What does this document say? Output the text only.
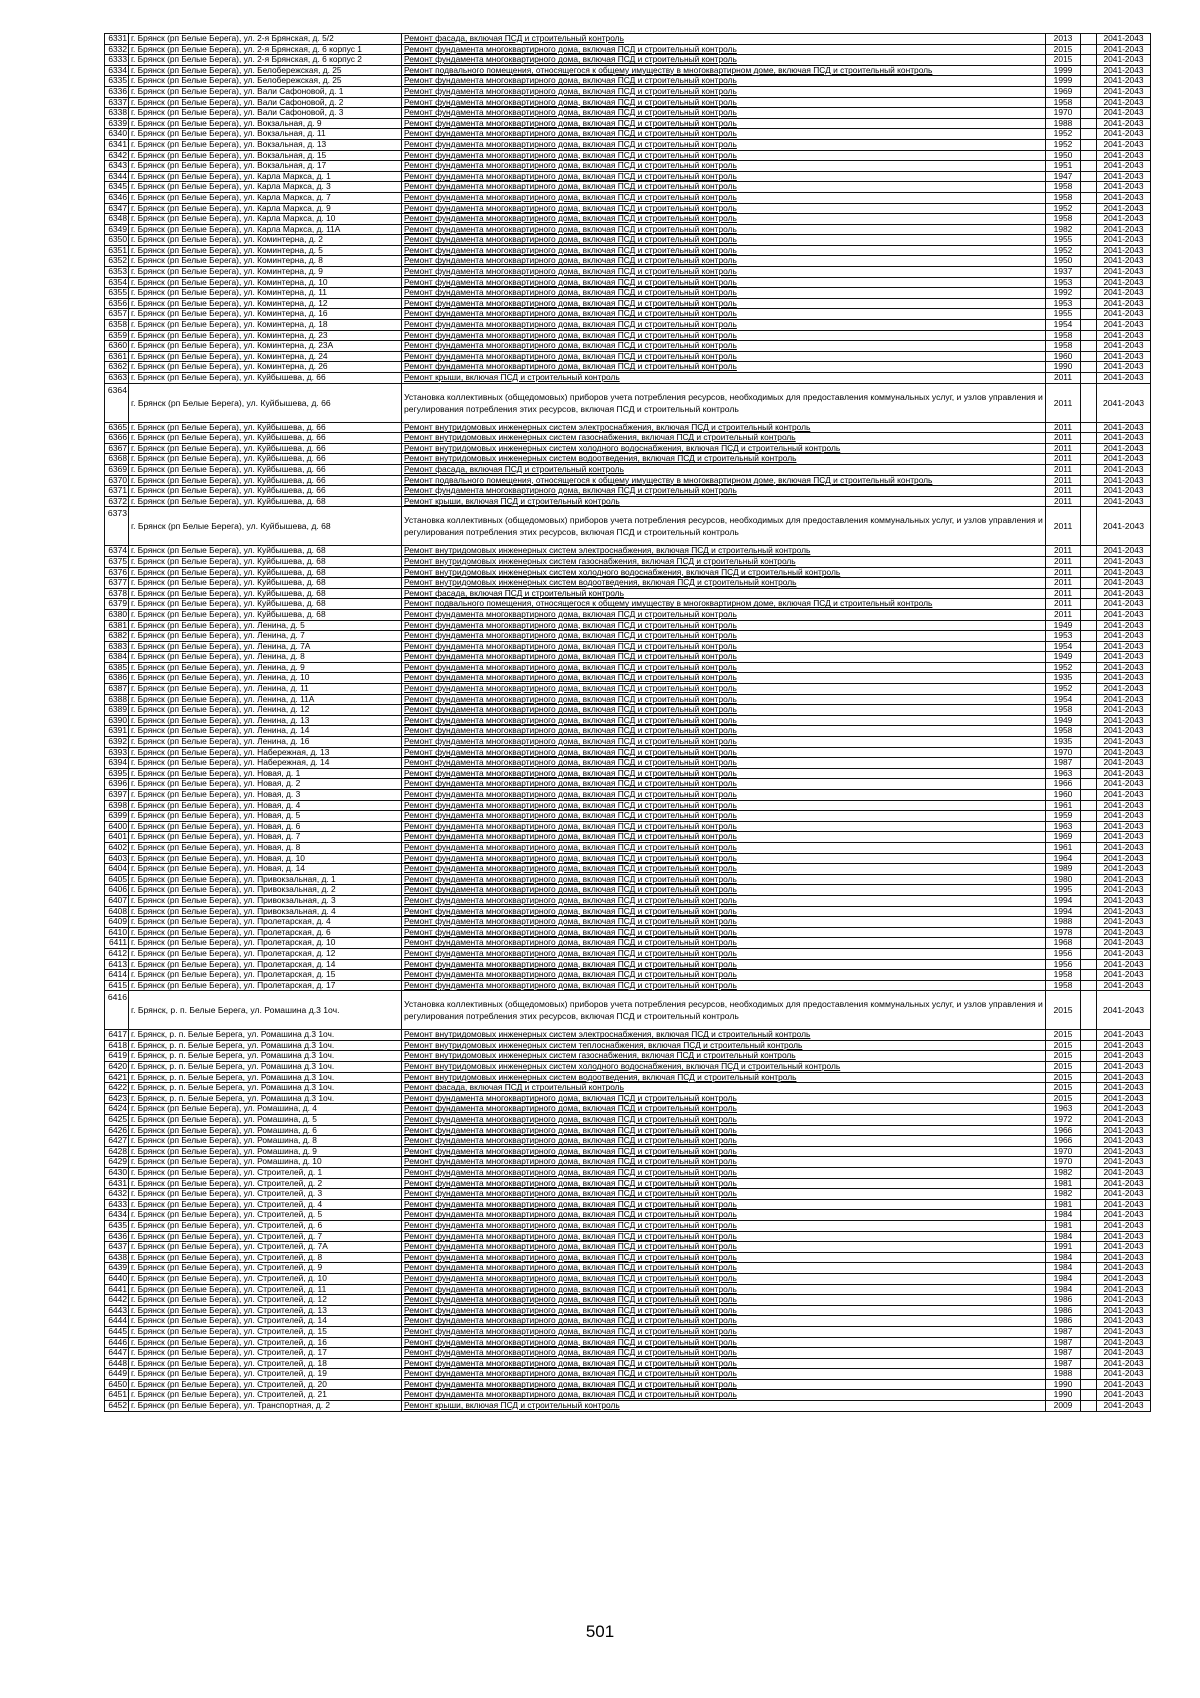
6331	г. Брянск (рп Белые Берега), ул. 2-я Брянская, д. 5/2	Ремонт фасада, включая ПСД и строительный контроль	2013		2041-2043
6332	г. Брянск (рп Белые Берега), ул. 2-я Брянская, д. 6 корпус 1	Ремонт фундамента многоквартирного дома, включая ПСД и строительный контроль	2015		2041-2043
6333	г. Брянск (рп Белые Берега), ул. 2-я Брянская, д. 6 корпус 2	Ремонт фундамента многоквартирного дома, включая ПСД и строительный контроль	2015		2041-2043
6334	г. Брянск (рп Белые Берега), ул. Белобережская, д. 25	Ремонт подвального помещения, относящегося к общему имуществу в многоквартирном доме, включая ПСД и строительный контроль	1999		2041-2043
6335	г. Брянск (рп Белые Берега), ул. Белобережская, д. 25	Ремонт фундамента многоквартирного дома, включая ПСД и строительный контроль	1999		2041-2043
6336	г. Брянск (рп Белые Берега), ул. Вали Сафоновой, д. 1	Ремонт фундамента многоквартирного дома, включая ПСД и строительный контроль	1969		2041-2043
6337	г. Брянск (рп Белые Берега), ул. Вали Сафоновой, д. 2	Ремонт фундамента многоквартирного дома, включая ПСД и строительный контроль	1958		2041-2043
6338	г. Брянск (рп Белые Берега), ул. Вали Сафоновой, д. 3	Ремонт фундамента многоквартирного дома, включая ПСД и строительный контроль	1970		2041-2043
6339	г. Брянск (рп Белые Берега), ул. Вокзальная, д. 9	Ремонт фундамента многоквартирного дома, включая ПСД и строительный контроль	1988		2041-2043
6340	г. Брянск (рп Белые Берега), ул. Вокзальная, д. 11	Ремонт фундамента многоквартирного дома, включая ПСД и строительный контроль	1952		2041-2043
6341	г. Брянск (рп Белые Берега), ул. Вокзальная, д. 13	Ремонт фундамента многоквартирного дома, включая ПСД и строительный контроль	1952		2041-2043
6342	г. Брянск (рп Белые Берега), ул. Вокзальная, д. 15	Ремонт фундамента многоквартирного дома, включая ПСД и строительный контроль	1950		2041-2043
6343	г. Брянск (рп Белые Берега), ул. Вокзальная, д. 17	Ремонт фундамента многоквартирного дома, включая ПСД и строительный контроль	1951		2041-2043
6344	г. Брянск (рп Белые Берега), ул. Карла Маркса, д. 1	Ремонт фундамента многоквартирного дома, включая ПСД и строительный контроль	1947		2041-2043
6345	г. Брянск (рп Белые Берега), ул. Карла Маркса, д. 3	Ремонт фундамента многоквартирного дома, включая ПСД и строительный контроль	1958		2041-2043
6346	г. Брянск (рп Белые Берега), ул. Карла Маркса, д. 7	Ремонт фундамента многоквартирного дома, включая ПСД и строительный контроль	1958		2041-2043
6347	г. Брянск (рп Белые Берега), ул. Карла Маркса, д. 9	Ремонт фундамента многоквартирного дома, включая ПСД и строительный контроль	1952		2041-2043
6348	г. Брянск (рп Белые Берега), ул. Карла Маркса, д. 10	Ремонт фундамента многоквартирного дома, включая ПСД и строительный контроль	1958		2041-2043
6349	г. Брянск (рп Белые Берега), ул. Карла Маркса, д. 11А	Ремонт фундамента многоквартирного дома, включая ПСД и строительный контроль	1982		2041-2043
6350	г. Брянск (рп Белые Берега), ул. Коминтерна, д. 2	Ремонт фундамента многоквартирного дома, включая ПСД и строительный контроль	1955		2041-2043
6351	г. Брянск (рп Белые Берега), ул. Коминтерна, д. 5	Ремонт фундамента многоквартирного дома, включая ПСД и строительный контроль	1952		2041-2043
6352	г. Брянск (рп Белые Берега), ул. Коминтерна, д. 8	Ремонт фундамента многоквартирного дома, включая ПСД и строительный контроль	1950		2041-2043
6353	г. Брянск (рп Белые Берега), ул. Коминтерна, д. 9	Ремонт фундамента многоквартирного дома, включая ПСД и строительный контроль	1937		2041-2043
6354	г. Брянск (рп Белые Берега), ул. Коминтерна, д. 10	Ремонт фундамента многоквартирного дома, включая ПСД и строительный контроль	1953		2041-2043
6355	г. Брянск (рп Белые Берега), ул. Коминтерна, д. 11	Ремонт фундамента многоквартирного дома, включая ПСД и строительный контроль	1992		2041-2043
6356	г. Брянск (рп Белые Берега), ул. Коминтерна, д. 12	Ремонт фундамента многоквартирного дома, включая ПСД и строительный контроль	1953		2041-2043
6357	г. Брянск (рп Белые Берега), ул. Коминтерна, д. 16	Ремонт фундамента многоквартирного дома, включая ПСД и строительный контроль	1955		2041-2043
6358	г. Брянск (рп Белые Берега), ул. Коминтерна, д. 18	Ремонт фундамента многоквартирного дома, включая ПСД и строительный контроль	1954		2041-2043
6359	г. Брянск (рп Белые Берега), ул. Коминтерна, д. 23	Ремонт фундамента многоквартирного дома, включая ПСД и строительный контроль	1958		2041-2043
6360	г. Брянск (рп Белые Берега), ул. Коминтерна, д. 23А	Ремонт фундамента многоквартирного дома, включая ПСД и строительный контроль	1958		2041-2043
6361	г. Брянск (рп Белые Берега), ул. Коминтерна, д. 24	Ремонт фундамента многоквартирного дома, включая ПСД и строительный контроль	1960		2041-2043
6362	г. Брянск (рп Белые Берега), ул. Коминтерна, д. 26	Ремонт фундамента многоквартирного дома, включая ПСД и строительный контроль	1990		2041-2043
6363	г. Брянск (рп Белые Берега), ул. Куйбышева, д. 66	Ремонт крыши, включая ПСД и строительный контроль	2011		2041-2043
6364	г. Брянск (рп Белые Берега), ул. Куйбышева, д. 66	Установка коллективных (общедомовых) приборов учета потребления ресурсов, необходимых для предоставления коммунальных услуг, и узлов управления и регулирования потребления этих ресурсов, включая ПСД и строительный контроль	2011		2041-2043
6365	г. Брянск (рп Белые Берега), ул. Куйбышева, д. 66	Ремонт внутридомовых инженерных систем электроснабжения, включая ПСД и строительный контроль	2011		2041-2043
6366	г. Брянск (рп Белые Берега), ул. Куйбышева, д. 66	Ремонт внутридомовых инженерных систем газоснабжения, включая ПСД и строительный контроль	2011		2041-2043
6367	г. Брянск (рп Белые Берега), ул. Куйбышева, д. 66	Ремонт внутридомовых инженерных систем холодного водоснабжения, включая ПСД и строительный контроль	2011		2041-2043
6368	г. Брянск (рп Белые Берега), ул. Куйбышева, д. 66	Ремонт внутридомовых инженерных систем водоотведения, включая ПСД и строительный контроль	2011		2041-2043
6369	г. Брянск (рп Белые Берега), ул. Куйбышева, д. 66	Ремонт фасада, включая ПСД и строительный контроль	2011		2041-2043
6370	г. Брянск (рп Белые Берега), ул. Куйбышева, д. 66	Ремонт подвального помещения, относящегося к общему имуществу в многоквартирном доме, включая ПСД и строительный контроль	2011		2041-2043
6371	г. Брянск (рп Белые Берега), ул. Куйбышева, д. 66	Ремонт фундамента многоквартирного дома, включая ПСД и строительный контроль	2011		2041-2043
6372	г. Брянск (рп Белые Берега), ул. Куйбышева, д. 68	Ремонт крыши, включая ПСД и строительный контроль	2011		2041-2043
6373	г. Брянск (рп Белые Берега), ул. Куйбышева, д. 68	Установка коллективных (общедомовых) приборов учета потребления ресурсов, необходимых для предоставления коммунальных услуг, и узлов управления и регулирования потребления этих ресурсов, включая ПСД и строительный контроль	2011		2041-2043
6374	г. Брянск (рп Белые Берега), ул. Куйбышева, д. 68	Ремонт внутридомовых инженерных систем электроснабжения, включая ПСД и строительный контроль	2011		2041-2043
6375	г. Брянск (рп Белые Берега), ул. Куйбышева, д. 68	Ремонт внутридомовых инженерных систем газоснабжения, включая ПСД и строительный контроль	2011		2041-2043
6376	г. Брянск (рп Белые Берега), ул. Куйбышева, д. 68	Ремонт внутридомовых инженерных систем холодного водоснабжения, включая ПСД и строительный контроль	2011		2041-2043
6377	г. Брянск (рп Белые Берега), ул. Куйбышева, д. 68	Ремонт внутридомовых инженерных систем водоотведения, включая ПСД и строительный контроль	2011		2041-2043
6378	г. Брянск (рп Белые Берега), ул. Куйбышева, д. 68	Ремонт фасада, включая ПСД и строительный контроль	2011		2041-2043
6379	г. Брянск (рп Белые Берега), ул. Куйбышева, д. 68	Ремонт подвального помещения, относящегося к общему имуществу в многоквартирном доме, включая ПСД и строительный контроль	2011		2041-2043
6380	г. Брянск (рп Белые Берега), ул. Куйбышева, д. 68	Ремонт фундамента многоквартирного дома, включая ПСД и строительный контроль	2011		2041-2043
6381	г. Брянск (рп Белые Берега), ул. Ленина, д. 5	Ремонт фундамента многоквартирного дома, включая ПСД и строительный контроль	1949		2041-2043
6382	г. Брянск (рп Белые Берега), ул. Ленина, д. 7	Ремонт фундамента многоквартирного дома, включая ПСД и строительный контроль	1953		2041-2043
6383	г. Брянск (рп Белые Берега), ул. Ленина, д. 7А	Ремонт фундамента многоквартирного дома, включая ПСД и строительный контроль	1954		2041-2043
6384	г. Брянск (рп Белые Берега), ул. Ленина, д. 8	Ремонт фундамента многоквартирного дома, включая ПСД и строительный контроль	1949		2041-2043
6385	г. Брянск (рп Белые Берега), ул. Ленина, д. 9	Ремонт фундамента многоквартирного дома, включая ПСД и строительный контроль	1952		2041-2043
6386	г. Брянск (рп Белые Берега), ул. Ленина, д. 10	Ремонт фундамента многоквартирного дома, включая ПСД и строительный контроль	1935		2041-2043
6387	г. Брянск (рп Белые Берега), ул. Ленина, д. 11	Ремонт фундамента многоквартирного дома, включая ПСД и строительный контроль	1952		2041-2043
6388	г. Брянск (рп Белые Берега), ул. Ленина, д. 11А	Ремонт фундамента многоквартирного дома, включая ПСД и строительный контроль	1954		2041-2043
6389	г. Брянск (рп Белые Берега), ул. Ленина, д. 12	Ремонт фундамента многоквартирного дома, включая ПСД и строительный контроль	1958		2041-2043
6390	г. Брянск (рп Белые Берега), ул. Ленина, д. 13	Ремонт фундамента многоквартирного дома, включая ПСД и строительный контроль	1949		2041-2043
6391	г. Брянск (рп Белые Берега), ул. Ленина, д. 14	Ремонт фундамента многоквартирного дома, включая ПСД и строительный контроль	1958		2041-2043
6392	г. Брянск (рп Белые Берега), ул. Ленина, д. 16	Ремонт фундамента многоквартирного дома, включая ПСД и строительный контроль	1935		2041-2043
6393	г. Брянск (рп Белые Берега), ул. Набережная, д. 13	Ремонт фундамента многоквартирного дома, включая ПСД и строительный контроль	1970		2041-2043
6394	г. Брянск (рп Белые Берега), ул. Набережная, д. 14	Ремонт фундамента многоквартирного дома, включая ПСД и строительный контроль	1987		2041-2043
6395	г. Брянск (рп Белые Берега), ул. Новая, д. 1	Ремонт фундамента многоквартирного дома, включая ПСД и строительный контроль	1963		2041-2043
6396	г. Брянск (рп Белые Берега), ул. Новая, д. 2	Ремонт фундамента многоквартирного дома, включая ПСД и строительный контроль	1966		2041-2043
6397	г. Брянск (рп Белые Берега), ул. Новая, д. 3	Ремонт фундамента многоквартирного дома, включая ПСД и строительный контроль	1960		2041-2043
6398	г. Брянск (рп Белые Берега), ул. Новая, д. 4	Ремонт фундамента многоквартирного дома, включая ПСД и строительный контроль	1961		2041-2043
6399	г. Брянск (рп Белые Берега), ул. Новая, д. 5	Ремонт фундамента многоквартирного дома, включая ПСД и строительный контроль	1959		2041-2043
6400	г. Брянск (рп Белые Берега), ул. Новая, д. 6	Ремонт фундамента многоквартирного дома, включая ПСД и строительный контроль	1963		2041-2043
6401	г. Брянск (рп Белые Берега), ул. Новая, д. 7	Ремонт фундамента многоквартирного дома, включая ПСД и строительный контроль	1969		2041-2043
6402	г. Брянск (рп Белые Берега), ул. Новая, д. 8	Ремонт фундамента многоквартирного дома, включая ПСД и строительный контроль	1961		2041-2043
6403	г. Брянск (рп Белые Берега), ул. Новая, д. 10	Ремонт фундамента многоквартирного дома, включая ПСД и строительный контроль	1964		2041-2043
6404	г. Брянск (рп Белые Берега), ул. Новая, д. 14	Ремонт фундамента многоквартирного дома, включая ПСД и строительный контроль	1989		2041-2043
6405	г. Брянск (рп Белые Берега), ул. Привокзальная, д. 1	Ремонт фундамента многоквартирного дома, включая ПСД и строительный контроль	1980		2041-2043
6406	г. Брянск (рп Белые Берега), ул. Привокзальная, д. 2	Ремонт фундамента многоквартирного дома, включая ПСД и строительный контроль	1995		2041-2043
6407	г. Брянск (рп Белые Берега), ул. Привокзальная, д. 3	Ремонт фундамента многоквартирного дома, включая ПСД и строительный контроль	1994		2041-2043
6408	г. Брянск (рп Белые Берега), ул. Привокзальная, д. 4	Ремонт фундамента многоквартирного дома, включая ПСД и строительный контроль	1994		2041-2043
6409	г. Брянск (рп Белые Берега), ул. Пролетарская, д. 4	Ремонт фундамента многоквартирного дома, включая ПСД и строительный контроль	1988		2041-2043
6410	г. Брянск (рп Белые Берега), ул. Пролетарская, д. 6	Ремонт фундамента многоквартирного дома, включая ПСД и строительный контроль	1978		2041-2043
6411	г. Брянск (рп Белые Берега), ул. Пролетарская, д. 10	Ремонт фундамента многоквартирного дома, включая ПСД и строительный контроль	1968		2041-2043
6412	г. Брянск (рп Белые Берега), ул. Пролетарская, д. 12	Ремонт фундамента многоквартирного дома, включая ПСД и строительный контроль	1956		2041-2043
6413	г. Брянск (рп Белые Берега), ул. Пролетарская, д. 14	Ремонт фундамента многоквартирного дома, включая ПСД и строительный контроль	1956		2041-2043
6414	г. Брянск (рп Белые Берега), ул. Пролетарская, д. 15	Ремонт фундамента многоквартирного дома, включая ПСД и строительный контроль	1958		2041-2043
6415	г. Брянск (рп Белые Берега), ул. Пролетарская, д. 17	Ремонт фундамента многоквартирного дома, включая ПСД и строительный контроль	1958		2041-2043
6416	г. Брянск, р. п. Белые Берега, ул. Ромашина д.3 1оч.	Установка коллективных (общедомовых) приборов учета потребления ресурсов, необходимых для предоставления коммунальных услуг, и узлов управления и регулирования потребления этих ресурсов, включая ПСД и строительный контроль	2015		2041-2043
6417	г. Брянск, р. п. Белые Берега, ул. Ромашина д.3 1оч.	Ремонт внутридомовых инженерных систем электроснабжения, включая ПСД и строительный контроль	2015		2041-2043
6418	г. Брянск, р. п. Белые Берега, ул. Ромашина д.3 1оч.	Ремонт внутридомовых инженерных систем теплоснабжения, включая ПСД и строительный контроль	2015		2041-2043
6419	г. Брянск, р. п. Белые Берега, ул. Ромашина д.3 1оч.	Ремонт внутридомовых инженерных систем газоснабжения, включая ПСД и строительный контроль	2015		2041-2043
6420	г. Брянск, р. п. Белые Берега, ул. Ромашина д.3 1оч.	Ремонт внутридомовых инженерных систем холодного водоснабжения, включая ПСД и строительный контроль	2015		2041-2043
6421	г. Брянск, р. п. Белые Берега, ул. Ромашина д.3 1оч.	Ремонт внутридомовых инженерных систем водоотведения, включая ПСД и строительный контроль	2015		2041-2043
6422	г. Брянск, р. п. Белые Берега, ул. Ромашина д.3 1оч.	Ремонт фасада, включая ПСД и строительный контроль	2015		2041-2043
6423	г. Брянск, р. п. Белые Берега, ул. Ромашина д.3 1оч.	Ремонт фундамента многоквартирного дома, включая ПСД и строительный контроль	2015		2041-2043
6424	г. Брянск (рп Белые Берега), ул. Ромашина, д. 4	Ремонт фундамента многоквартирного дома, включая ПСД и строительный контроль	1963		2041-2043
6425	г. Брянск (рп Белые Берега), ул. Ромашина, д. 5	Ремонт фундамента многоквартирного дома, включая ПСД и строительный контроль	1972		2041-2043
6426	г. Брянск (рп Белые Берега), ул. Ромашина, д. 6	Ремонт фундамента многоквартирного дома, включая ПСД и строительный контроль	1966		2041-2043
6427	г. Брянск (рп Белые Берега), ул. Ромашина, д. 8	Ремонт фундамента многоквартирного дома, включая ПСД и строительный контроль	1966		2041-2043
6428	г. Брянск (рп Белые Берега), ул. Ромашина, д. 9	Ремонт фундамента многоквартирного дома, включая ПСД и строительный контроль	1970		2041-2043
6429	г. Брянск (рп Белые Берега), ул. Ромашина, д. 10	Ремонт фундамента многоквартирного дома, включая ПСД и строительный контроль	1970		2041-2043
6430	г. Брянск (рп Белые Берега), ул. Строителей, д. 1	Ремонт фундамента многоквартирного дома, включая ПСД и строительный контроль	1982		2041-2043
6431	г. Брянск (рп Белые Берега), ул. Строителей, д. 2	Ремонт фундамента многоквартирного дома, включая ПСД и строительный контроль	1981		2041-2043
6432	г. Брянск (рп Белые Берега), ул. Строителей, д. 3	Ремонт фундамента многоквартирного дома, включая ПСД и строительный контроль	1982		2041-2043
6433	г. Брянск (рп Белые Берега), ул. Строителей, д. 4	Ремонт фундамента многоквартирного дома, включая ПСД и строительный контроль	1981		2041-2043
6434	г. Брянск (рп Белые Берега), ул. Строителей, д. 5	Ремонт фундамента многоквартирного дома, включая ПСД и строительный контроль	1984		2041-2043
6435	г. Брянск (рп Белые Берега), ул. Строителей, д. 6	Ремонт фундамента многоквартирного дома, включая ПСД и строительный контроль	1981		2041-2043
6436	г. Брянск (рп Белые Берега), ул. Строителей, д. 7	Ремонт фундамента многоквартирного дома, включая ПСД и строительный контроль	1984		2041-2043
6437	г. Брянск (рп Белые Берега), ул. Строителей, д. 7А	Ремонт фундамента многоквартирного дома, включая ПСД и строительный контроль	1991		2041-2043
6438	г. Брянск (рп Белые Берега), ул. Строителей, д. 8	Ремонт фундамента многоквартирного дома, включая ПСД и строительный контроль	1984		2041-2043
6439	г. Брянск (рп Белые Берега), ул. Строителей, д. 9	Ремонт фундамента многоквартирного дома, включая ПСД и строительный контроль	1984		2041-2043
6440	г. Брянск (рп Белые Берега), ул. Строителей, д. 10	Ремонт фундамента многоквартирного дома, включая ПСД и строительный контроль	1984		2041-2043
6441	г. Брянск (рп Белые Берега), ул. Строителей, д. 11	Ремонт фундамента многоквартирного дома, включая ПСД и строительный контроль	1984		2041-2043
6442	г. Брянск (рп Белые Берега), ул. Строителей, д. 12	Ремонт фундамента многоквартирного дома, включая ПСД и строительный контроль	1986		2041-2043
6443	г. Брянск (рп Белые Берега), ул. Строителей, д. 13	Ремонт фундамента многоквартирного дома, включая ПСД и строительный контроль	1986		2041-2043
6444	г. Брянск (рп Белые Берега), ул. Строителей, д. 14	Ремонт фундамента многоквартирного дома, включая ПСД и строительный контроль	1986		2041-2043
6445	г. Брянск (рп Белые Берега), ул. Строителей, д. 15	Ремонт фундамента многоквартирного дома, включая ПСД и строительный контроль	1987		2041-2043
6446	г. Брянск (рп Белые Берега), ул. Строителей, д. 16	Ремонт фундамента многоквартирного дома, включая ПСД и строительный контроль	1987		2041-2043
6447	г. Брянск (рп Белые Берега), ул. Строителей, д. 17	Ремонт фундамента многоквартирного дома, включая ПСД и строительный контроль	1987		2041-2043
6448	г. Брянск (рп Белые Берега), ул. Строителей, д. 18	Ремонт фундамента многоквартирного дома, включая ПСД и строительный контроль	1987		2041-2043
6449	г. Брянск (рп Белые Берега), ул. Строителей, д. 19	Ремонт фундамента многоквартирного дома, включая ПСД и строительный контроль	1988		2041-2043
6450	г. Брянск (рп Белые Берега), ул. Строителей, д. 20	Ремонт фундамента многоквартирного дома, включая ПСД и строительный контроль	1990		2041-2043
6451	г. Брянск (рп Белые Берега), ул. Строителей, д. 21	Ремонт фундамента многоквартирного дома, включая ПСД и строительный контроль	1990		2041-2043
6452	г. Брянск (рп Белые Берега), ул. Транспортная, д. 2	Ремонт крыши, включая ПСД и строительный контроль	2009		2041-2043
501
